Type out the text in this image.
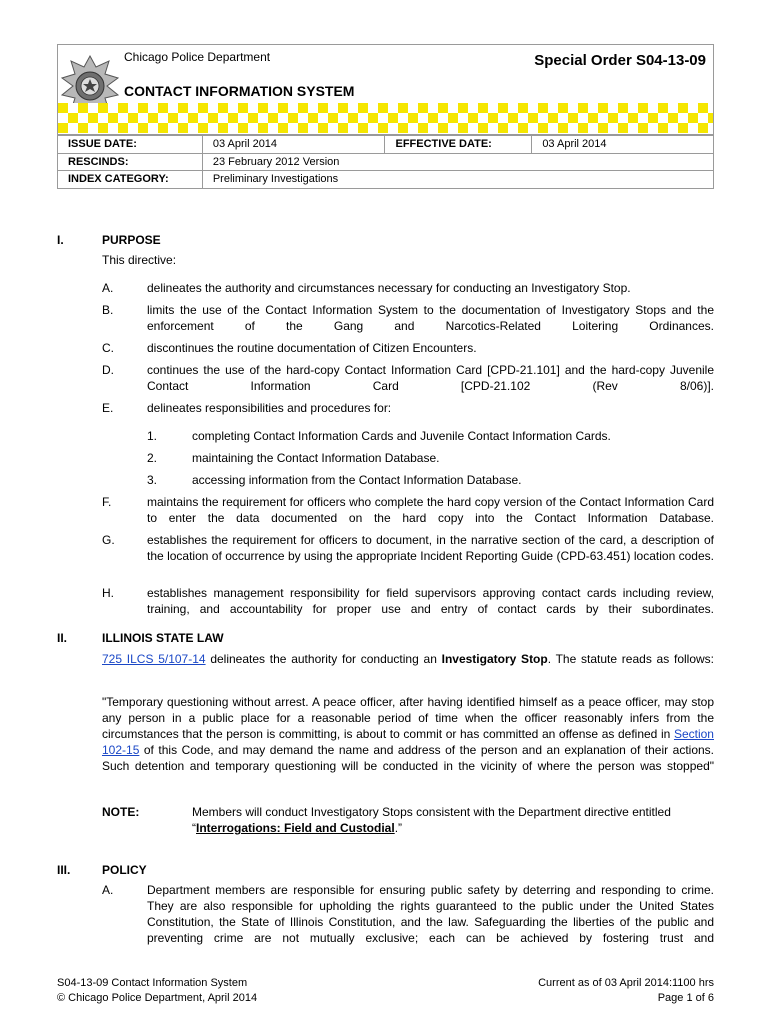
Chicago Police Department	Special Order S04-13-09
CONTACT INFORMATION SYSTEM
ISSUE DATE:	03 April 2014	EFFECTIVE DATE:	03 April 2014
RESCINDS:	23 February 2012 Version		
INDEX CATEGORY:	Preliminary Investigations		
I.	PURPOSE
This directive:
A.	delineates the authority and circumstances necessary for conducting an Investigatory Stop.
B.	limits the use of the Contact Information System to the documentation of Investigatory Stops and the enforcement of the Gang and Narcotics-Related Loitering Ordinances.
C.	discontinues the routine documentation of Citizen Encounters.
D.	continues the use of the hard-copy Contact Information Card [CPD-21.101] and the hard-copy Juvenile Contact Information Card [CPD-21.102 (Rev 8/06)].
E.	delineates responsibilities and procedures for:
1.	completing Contact Information Cards and Juvenile Contact Information Cards.
2.	maintaining the Contact Information Database.
3.	accessing information from the Contact Information Database.
F.	maintains the requirement for officers who complete the hard copy version of the Contact Information Card to enter the data documented on the hard copy into the Contact Information Database.
G.	establishes the requirement for officers to document, in the narrative section of the card, a description of the location of occurrence by using the appropriate Incident Reporting Guide (CPD-63.451) location codes.
H.	establishes management responsibility for field supervisors approving contact cards including review, training, and accountability for proper use and entry of contact cards by their subordinates.
II.	ILLINOIS STATE LAW
725 ILCS 5/107-14 delineates the authority for conducting an Investigatory Stop. The statute reads as follows:
"Temporary questioning without arrest. A peace officer, after having identified himself as a peace officer, may stop any person in a public place for a reasonable period of time when the officer reasonably infers from the circumstances that the person is committing, is about to commit or has committed an offense as defined in Section 102-15 of this Code, and may demand the name and address of the person and an explanation of their actions. Such detention and temporary questioning will be conducted in the vicinity of where the person was stopped"
NOTE:	Members will conduct Investigatory Stops consistent with the Department directive entitled
“Interrogations: Field and Custodial.”
III.	POLICY
A.	Department members are responsible for ensuring public safety by deterring and responding to crime. They are also responsible for upholding the rights guaranteed to the public under the United States Constitution, the State of Illinois Constitution, and the law. Safeguarding the liberties of the public and preventing crime are not mutually exclusive; each can be achieved by fostering trust and
S04-13-09 Contact Information System
© Chicago Police Department, April 2014
Current as of 03 April 2014:1100 hrs
Page 1 of 6
